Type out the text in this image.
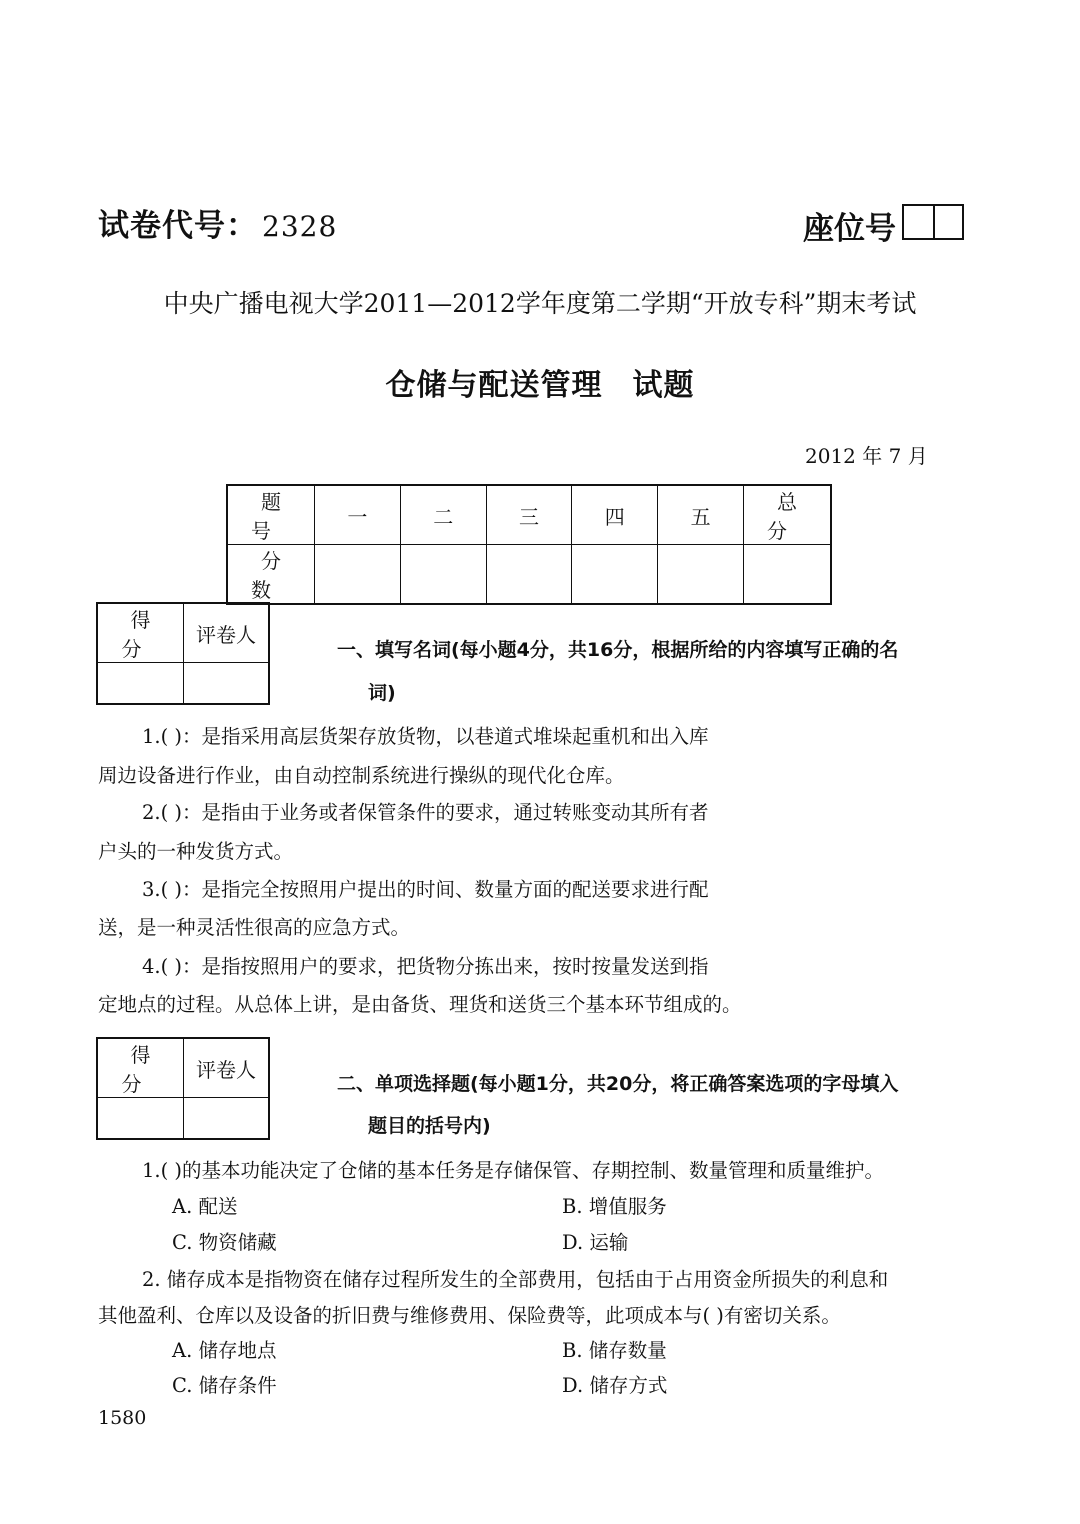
试卷代号： 2328	座位号
中央广播电视大学2011—2012学年度第二学期“开放专科”期末考试
仓储与配送管理 试题
2012 年 7 月
题号	一	二	三	四	五	总分
分数						
得分	评卷人

一、填写名词(每小题4分，共16分，根据所给的内容填写正确的名
词)
1.( )：是指采用高层货架存放货物，以巷道式堆垛起重机和出入库
周边设备进行作业，由自动控制系统进行操纵的现代化仓库。
2.( )：是指由于业务或者保管条件的要求，通过转账变动其所有者
户头的一种发货方式。
3.( )：是指完全按照用户提出的时间、数量方面的配送要求进行配
送，是一种灵活性很高的应急方式。
4.( )：是指按照用户的要求，把货物分拣出来，按时按量发送到指
定地点的过程。从总体上讲，是由备货、理货和送货三个基本环节组成的。
得分	评卷人

二、单项选择题(每小题1分，共20分，将正确答案选项的字母填入
题目的括号内)
1.( )的基本功能决定了仓储的基本任务是存储保管、存期控制、数量管理和质量维护。
A. 配送	B. 增值服务
C. 物资储藏	D. 运输
2. 储存成本是指物资在储存过程所发生的全部费用，包括由于占用资金所损失的利息和
其他盈利、仓库以及设备的折旧费与维修费用、保险费等，此项成本与( )有密切关系。
A. 储存地点	B. 储存数量
C. 储存条件	D. 储存方式
1580
